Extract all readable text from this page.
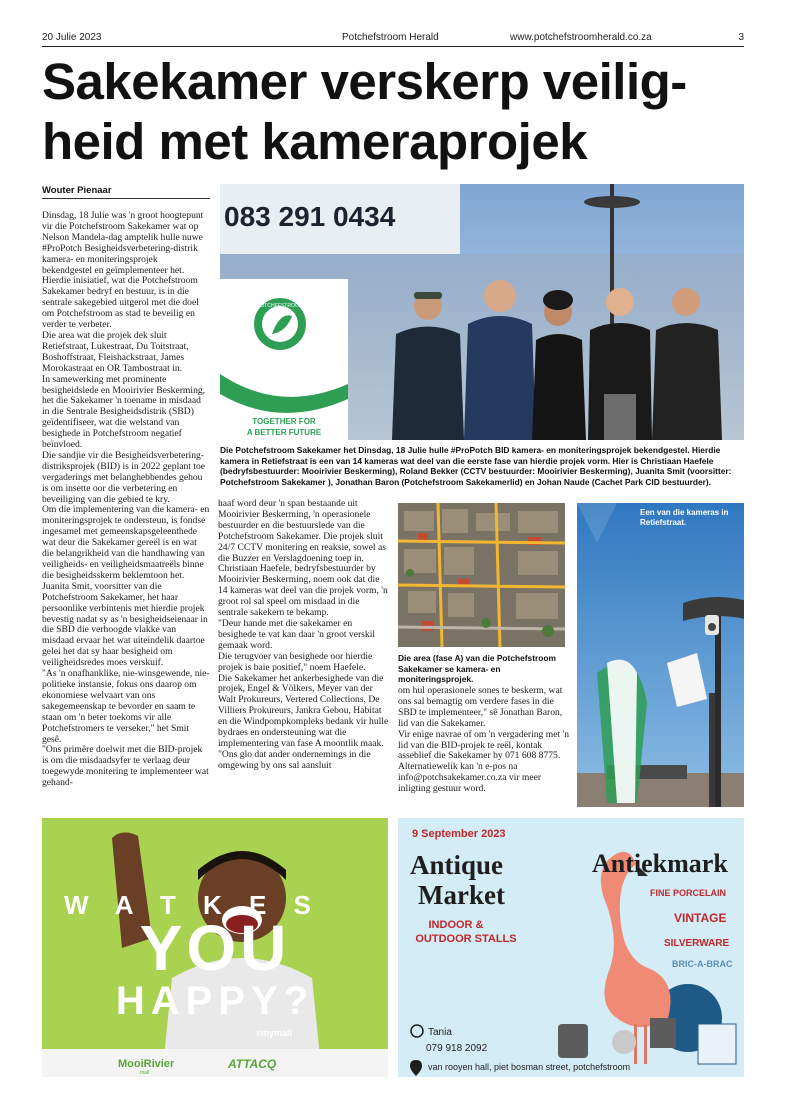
20 Julie 2023	Potchefstroom Herald	www.potchefstroomherald.co.za	3
Sakekamer verskerp veilig-
heid met kameraprojek
Wouter Pienaar

Dinsdag, 18 Julie was 'n groot hoogtepunt vir die Potchefstroom Sakekamer wat op Nelson Mandela-dag amptelik hulle nuwe #ProPotch Besigheidsverbetering-distrik kamera- en moniteringsprojek bekendgestel en geïmplementeer het.

Hierdie inisiatief, wat die Potchefstroom Sakekamer bedryf en bestuur, is in die sentrale sakegebied uitgerol met die doel om Potchefstroom as stad te beveilig en verder te verbeter.

Die area wat die projek dek sluit Retiefstraat, Lukestraat, Du Toitstraat, Boshoffstraat, Fleishackstraat, James Morokastraat en OR Tambostraat in.

In samewerking met prominente besigheidslede en Mooirivier Beskerming, het die Sakekamer 'n toename in misdaad in die Sentrale Besigheidsdistrik (SBD) geïdentifiseer, wat die welstand van besighede in Potchefstroom negatief beïnvloed.

Die sandjie vir die Besigheidsverbetering-distriksprojek (BID) is in 2022 geplant toe vergaderings met belanghebbendes gehou is om insette oor die verbetering en beveiliging van die gebied te kry.

Om die implementering van die kamera- en moniteringsprojek te ondersteun, is fondse ingesamel met gemeenskapsgeleenthede wat deur die Sakekamer gereël is en wat die belangrikheid van die handhawing van veiligheids- en veiligheidsmaatreëls binne die besigheidsskerm beklemtoon het.

Juanita Smit, voorsitter van die Potchefstroom Sakekamer, het haar persoonlike verbintenis met hierdie projek bevestig nadat sy as 'n besigheidseienaar in die SBD die verhoogde vlakke van misdaad ervaar het wat uiteindelik daartoe gelei het dat sy haar besigheid om veiligheidsredes moes verskuif.

"As 'n onafhanklike, nie-winsgewende, nie-politieke instansie, fokus ons daarop om ekonomiese welvaart van ons sakegemeenskap te bevorder en saam te staan om 'n beter toekoms vir alle Potchefstromers te verseker," het Smit gesê.

"Ons primêre doelwit met die BID-projek is om die misdaadsyfer te verlaag deur toegewyde monitering te implementeer wat gehand-

haaf word deur 'n span bestaande uit Mooirivier Beskerming, 'n operasionele bestuurder en die bestuurslede van die Potchefstroom Sakekamer. Die projek sluit 24/7 CCTV monitering en reaksie, sowel as die Buzzer en Verslagdoening toep in.

Christiaan Haefele, bedryfsbestuurder by Mooirivier Beskerming, noem ook dat die 14 kameras wat deel van die projek vorm, 'n groot rol sal speel om misdaad in die sentrale sakekern te bekamp.

"Deur hande met die sakekamer en besighede te vat kan daar 'n groot verskil gemaak word.

Die terugvoer van besighede oor hierdie projek is baie positief," noem Haefele.

Die Sakekamer het ankerbesighede van die projek, Engel & Völkers, Meyer van der Walt Prokureurs, Vertered Collections, De Villiers Prokureurs, Jankra Gebou, Habitat en die Windpompkompleks bedank vir hulle bydraes en ondersteuning wat die implementering van fase A moontlik maak.

"Ons glo dat ander ondernemings in die omgewing by ons sal aansluit

om hul operasionele sones te beskerm, wat ons sal bemagtig om verdere fases in die SBD te implementeer," sê Jonathan Baron, lid van die Sakekamer.

Vir enige navrae of om 'n vergadering met 'n lid van die BID-projek te reël, kontak asseblief die Sakekamer by 071 608 8775.

Alternatiewelik kan 'n e-pos na info@potchsakekamer.co.za vir meer inligting gestuur word.

083 291 0434
POTCHEFSTROOM
TOGETHER FOR
A BETTER FUTURE
Die Potchefstroom Sakekamer het Dinsdag, 18 Julie hulle #ProPotch BID kamera- en moniteringsprojek bekendgestel. Hierdie kamera in Retiefstraat is een van 14 kameras wat deel van die eerste fase van hierdie projek vorm. Hier is Christiaan Haefele (bedryfsbestuurder: Mooirivier Beskerming), Roland Bekker (CCTV bestuurder: Mooirivier Beskerming), Juanita Smit (voorsitter: Potchefstroom Sakekamer ), Jonathan Baron (Potchefstroom Sakekamerlid) en Johan Naude (Cachet Park CID bestuurder).
Die area (fase A) van die Potchefstroom Sakekamer se kamera- en moniteringsprojek.
Een van die kameras in Retiefstraat.
W A T K E S
YOU
HAPPY?
#mymall
MooiRivier
mall
ATTACQ
9 September 2023
Antique
Market
Antiekmark
INDOOR &
OUTDOOR STALLS
FINE PORCELAIN
VINTAGE
SILVERWARE
BRIC-A-BRAC
Tania
079 918 2092
van rooyen hall, piet bosman street, potchefstroom
